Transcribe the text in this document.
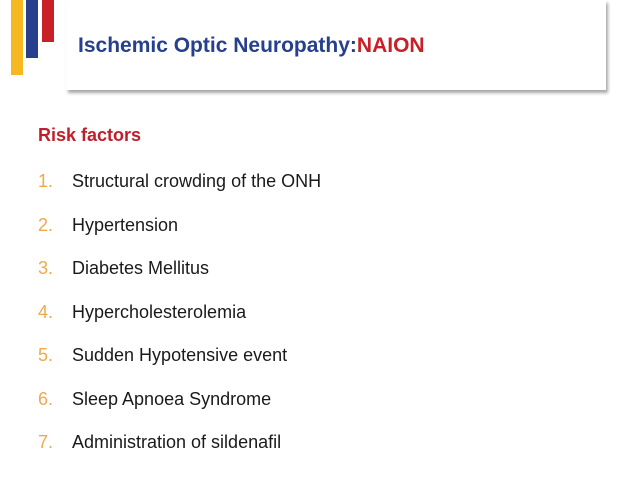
Ischemic Optic Neuropathy:NAION
Risk factors
1. Structural crowding of the ONH
2. Hypertension
3. Diabetes Mellitus
4. Hypercholesterolemia
5. Sudden Hypotensive event
6. Sleep Apnoea Syndrome
7. Administration of sildenafil
